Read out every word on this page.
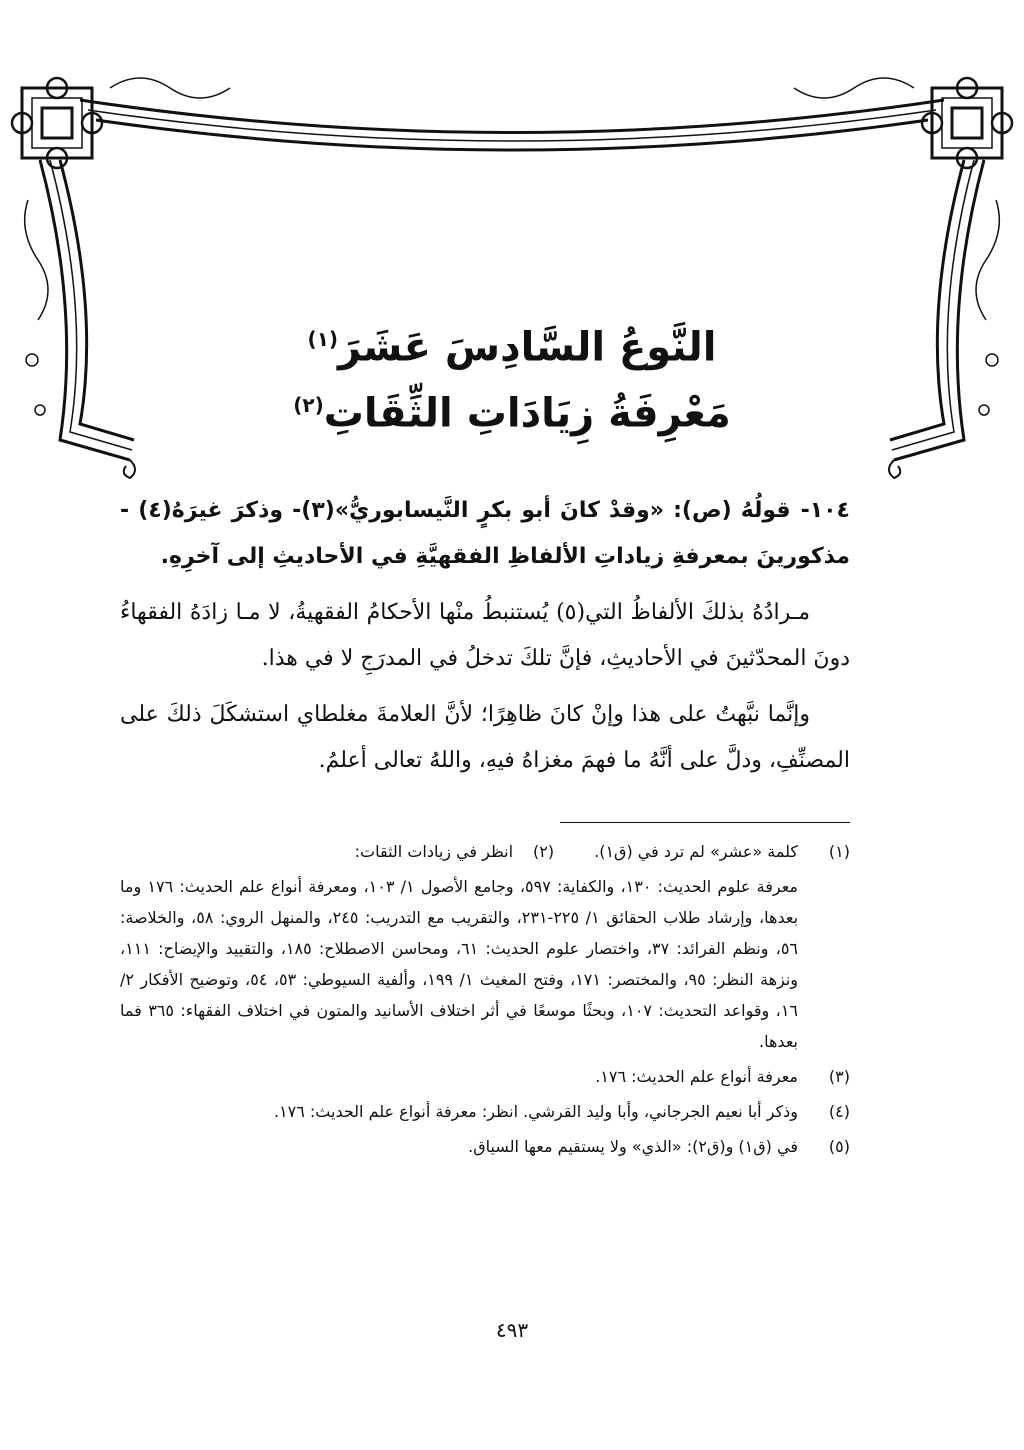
النَّوعُ السَّادِسَ عَشَرَ$^{(١)}$

مَعْرِفَةُ زِيَادَاتِ الثِّقَاتِ$^{(٢)}$

١٠٤-قولُهُ (ص): «وقدْ كانَ أبو بكرٍ النَّيسابوريُّ»(٣)- وذكرَ غيرَهُ(٤) - مذكورينَ بمعرفةِ زياداتِ الألفاظِ الفقهيَّةِ في الأحاديثِ إلى آخرِهِ.

مـرادُهُ بذلكَ الألفاظُ التي(٥) يُستنبطُ منْها الأحكامُ الفقهيةُ، لا مـا زادَهُ الفقهاءُ دونَ المحدّثينَ في الأحاديثِ، فإنَّ تلكَ تدخلُ في المدرَجِ لا في هذا.

وإنَّما نبَّهتُ على هذا وإنْ كانَ ظاهِرًا؛ لأنَّ العلامةَ مغلطاي استشكَلَ ذلكَ على المصنِّفِ، ودلَّ على أنَّهُ ما فهمَ مغزاهُ فيهِ، واللهُ تعالى أعلمُ.

(١)
كلمة «عشر» لم ترد في (ق١).(٢)انظر في زيادات الثقات:
معرفة علوم الحديث: ١٣٠، والكفاية: ٥٩٧، وجامع الأصول ١/ ١٠٣، ومعرفة أنواع علم الحديث: ١٧٦ وما بعدها، وإرشاد طلاب الحقائق ١/ ٢٢٥-٢٣١، والتقريب مع التدريب: ٢٤٥، والمنهل الروي: ٥٨، والخلاصة: ٥٦، ونظم الفرائد: ٣٧، واختصار علوم الحديث: ٦١، ومحاسن الاصطلاح: ١٨٥، والتقييد والإيضاح: ١١١، ونزهة النظر: ٩٥، والمختصر: ١٧١، وفتح المغيث ١/ ١٩٩، وألفية السيوطي: ٥٣، ٥٤، وتوضيح الأفكار ٢/ ١٦، وقواعد التحديث: ١٠٧، وبحثًا موسعًا في أثر اختلاف الأسانيد والمتون في اختلاف الفقهاء: ٣٦٥ فما بعدها.
(٣)
معرفة أنواع علم الحديث: ١٧٦.
(٤)
وذكر أبا نعيم الجرجاني، وأبا وليد القرشي. انظر: معرفة أنواع علم الحديث: ١٧٦.
(٥)
في (ق١) و(ق٢): «الذي» ولا يستقيم معها السياق.
٤٩٣
